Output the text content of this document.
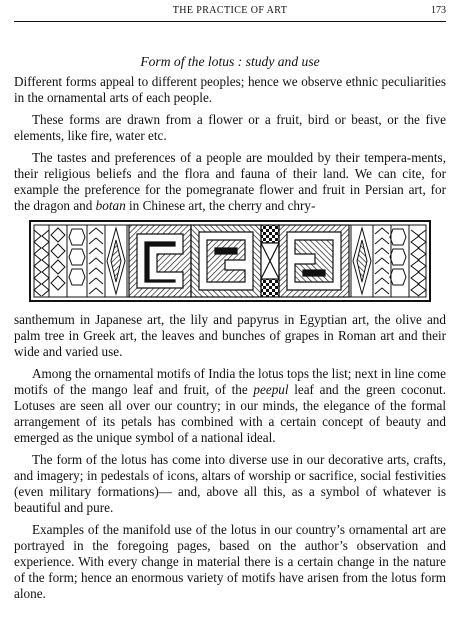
THE PRACTICE OF ART	173
Form of the lotus : study and use

Different forms appeal to different peoples; hence we observe ethnic peculiarities in the ornamental arts of each people.

These forms are drawn from a flower or a fruit, bird or beast, or the five elements, like fire, water etc.

The tastes and preferences of a people are moulded by their tempera-ments, their religious beliefs and the flora and fauna of their land. We can cite, for example the preference for the pomegranate flower and fruit in Persian art, for the dragon and botan in Chinese art, the cherry and chry-

santhemum in Japanese art, the lily and papyrus in Egyptian art, the olive and palm tree in Greek art, the leaves and bunches of grapes in Roman art and their wide and varied use.

Among the ornamental motifs of India the lotus tops the list; next in line come motifs of the mango leaf and fruit, of the peepul leaf and the green coconut. Lotuses are seen all over our country; in our minds, the elegance of the formal arrangement of its petals has combined with a certain concept of beauty and emerged as the unique symbol of a national ideal.

The form of the lotus has come into diverse use in our decorative arts, crafts, and imagery; in pedestals of icons, altars of worship or sacrifice, social festivities (even military formations)— and, above all this, as a symbol of whatever is beautiful and pure.

Examples of the manifold use of the lotus in our country’s ornamental art are portrayed in the foregoing pages, based on the author’s observation and experience. With every change in material there is a certain change in the nature of the form; hence an enormous variety of motifs have arisen from the lotus form alone.
